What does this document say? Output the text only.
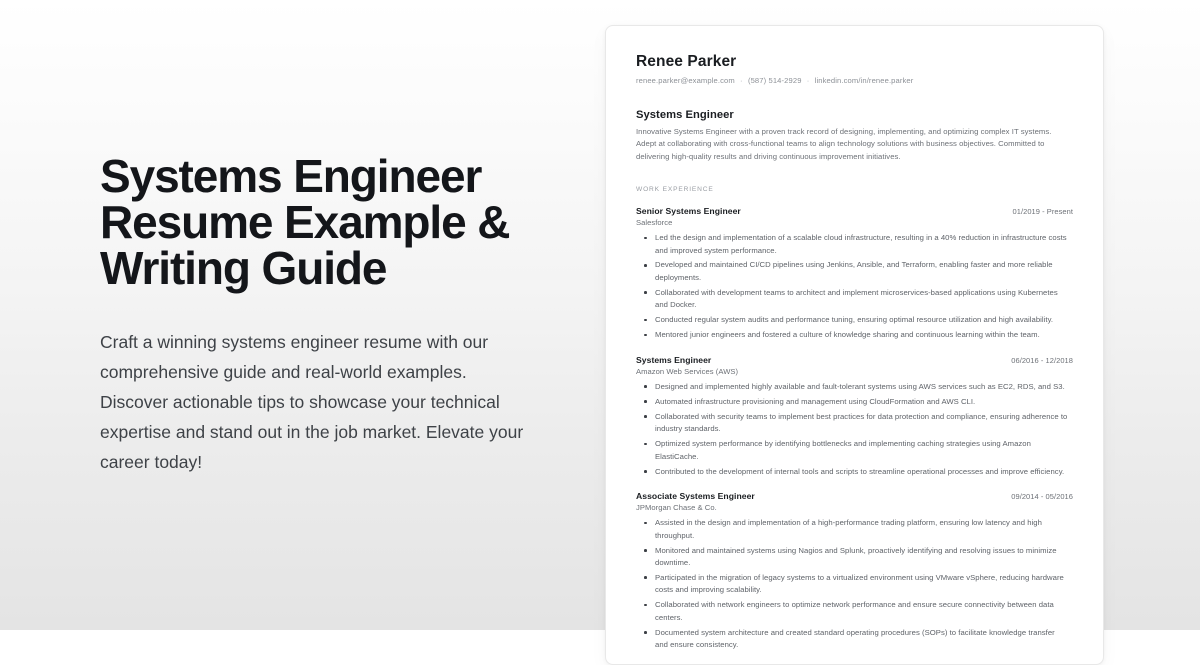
Systems Engineer
Resume Example &
Writing Guide

Craft a winning systems engineer resume with our comprehensive guide and real-world examples. Discover actionable tips to showcase your technical expertise and stand out in the job market. Elevate your career today!

Renee Parker

renee.parker@example.com · (587) 514-2929 · linkedin.com/in/renee.parker

Systems Engineer

Innovative Systems Engineer with a proven track record of designing, implementing, and optimizing complex IT systems. Adept at collaborating with cross-functional teams to align technology solutions with business objectives. Committed to delivering high-quality results and driving continuous improvement initiatives.

WORK EXPERIENCE
Senior Systems Engineer	01/2019 - Present
Salesforce
Led the design and implementation of a scalable cloud infrastructure, resulting in a 40% reduction in infrastructure costs and improved system performance.
Developed and maintained CI/CD pipelines using Jenkins, Ansible, and Terraform, enabling faster and more reliable deployments.
Collaborated with development teams to architect and implement microservices-based applications using Kubernetes and Docker.
Conducted regular system audits and performance tuning, ensuring optimal resource utilization and high availability.
Mentored junior engineers and fostered a culture of knowledge sharing and continuous learning within the team.
Systems Engineer	06/2016 - 12/2018
Amazon Web Services (AWS)
Designed and implemented highly available and fault-tolerant systems using AWS services such as EC2, RDS, and S3.
Automated infrastructure provisioning and management using CloudFormation and AWS CLI.
Collaborated with security teams to implement best practices for data protection and compliance, ensuring adherence to industry standards.
Optimized system performance by identifying bottlenecks and implementing caching strategies using Amazon ElastiCache.
Contributed to the development of internal tools and scripts to streamline operational processes and improve efficiency.
Associate Systems Engineer	09/2014 - 05/2016
JPMorgan Chase & Co.
Assisted in the design and implementation of a high-performance trading platform, ensuring low latency and high throughput.
Monitored and maintained systems using Nagios and Splunk, proactively identifying and resolving issues to minimize downtime.
Participated in the migration of legacy systems to a virtualized environment using VMware vSphere, reducing hardware costs and improving scalability.
Collaborated with network engineers to optimize network performance and ensure secure connectivity between data centers.
Documented system architecture and created standard operating procedures (SOPs) to facilitate knowledge transfer and ensure consistency.
